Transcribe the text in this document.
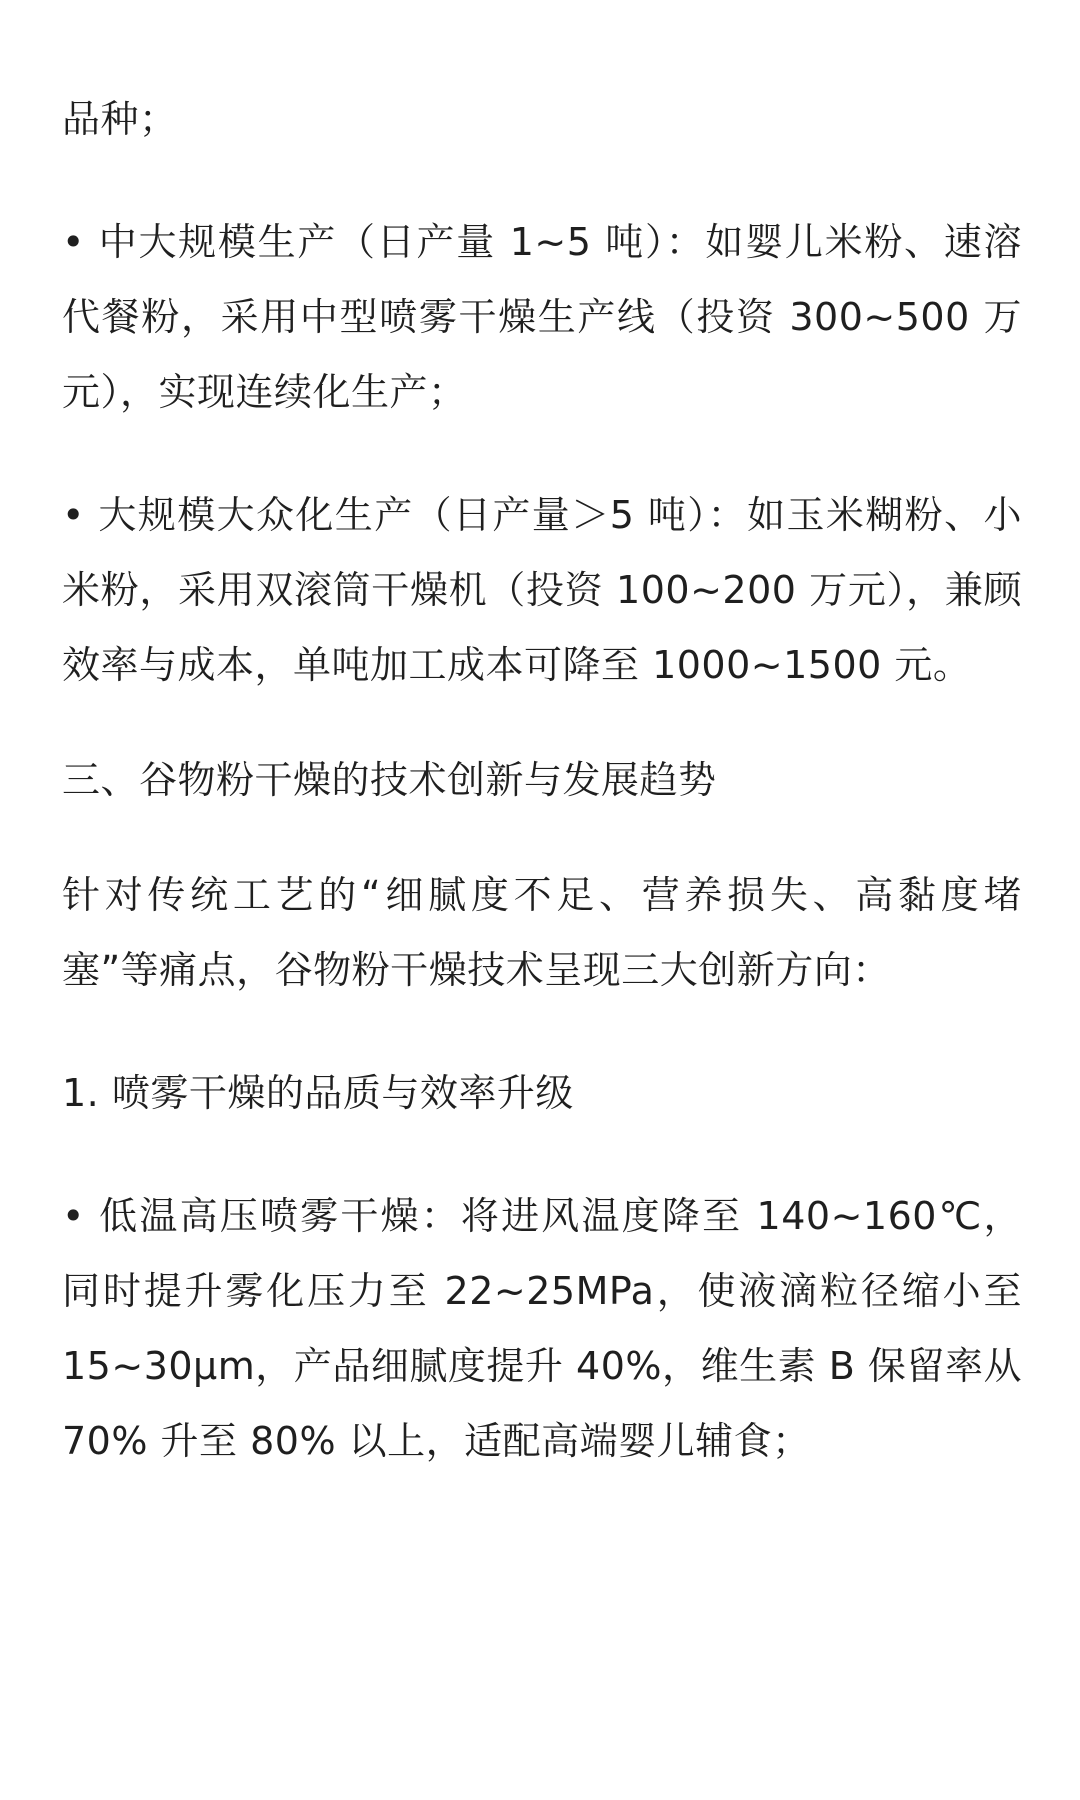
品种；

• 中大规模生产（日产量 1~5 吨）：如婴儿米粉、速溶代餐粉，采用中型喷雾干燥生产线（投资 300~500 万元），实现连续化生产；

• 大规模大众化生产（日产量＞5 吨）：如玉米糊粉、小米粉，采用双滚筒干燥机（投资 100~200 万元），兼顾效率与成本，单吨加工成本可降至 1000~1500 元。

三、谷物粉干燥的技术创新与发展趋势

针对传统工艺的“细腻度不足、营养损失、高黏度堵塞”等痛点，谷物粉干燥技术呈现三大创新方向：

1. 喷雾干燥的品质与效率升级

• 低温高压喷雾干燥：将进风温度降至 140~160℃，同时提升雾化压力至 22~25MPa，使液滴粒径缩小至 15~30μm，产品细腻度提升 40%，维生素 B 保留率从 70% 升至 80% 以上，适配高端婴儿辅食；
